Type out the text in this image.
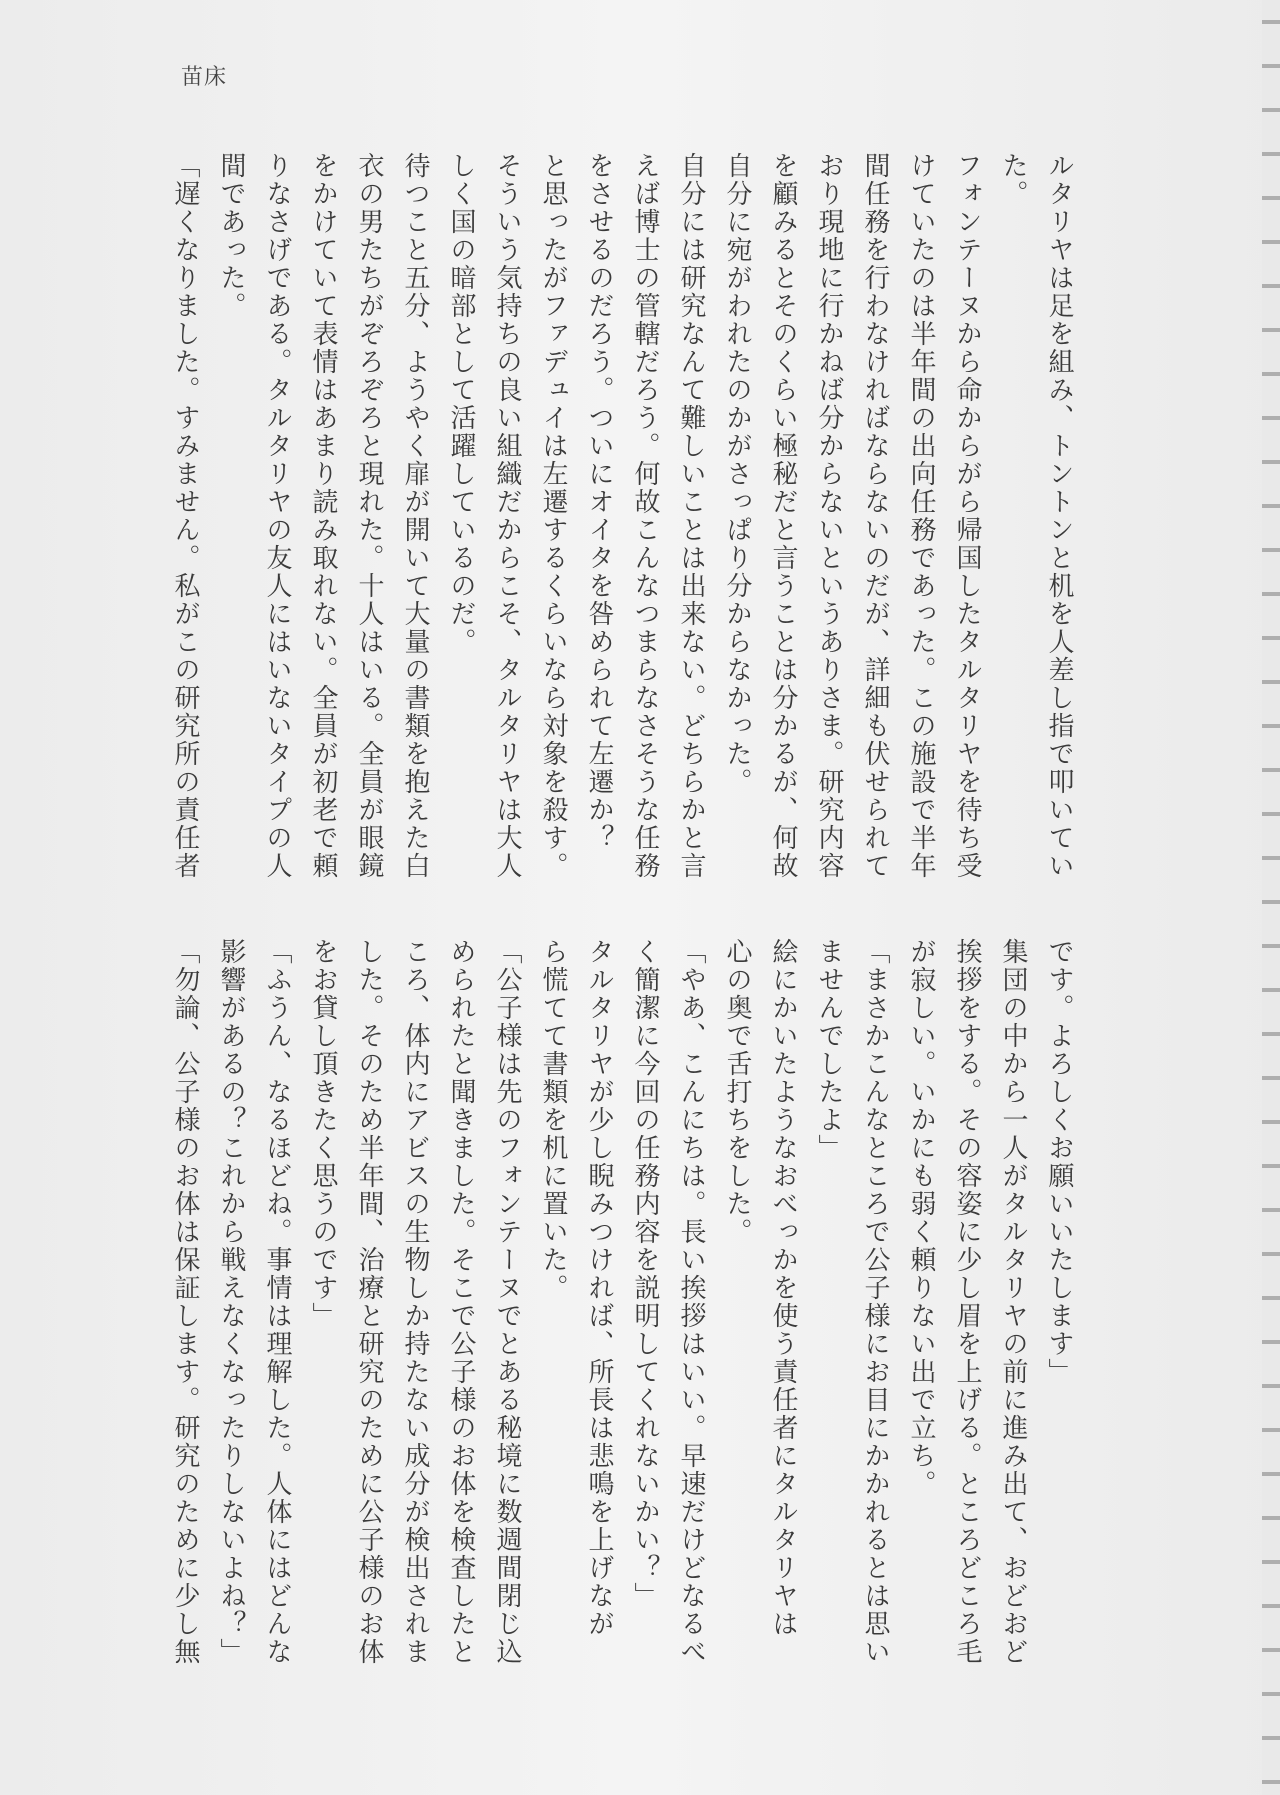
苗床

ルタリヤは足を組み、トントンと机を人差し指で叩いてい

た。

フォンテーヌから命からがら帰国したタルタリヤを待ち受

けていたのは半年間の出向任務であった。この施設で半年

間任務を行わなければならないのだが、詳細も伏せられて

おり現地に行かねば分からないというありさま。研究内容

を顧みるとそのくらい極秘だと言うことは分かるが、何故

自分に宛がわれたのかがさっぱり分からなかった。

自分には研究なんて難しいことは出来ない。どちらかと言

えば博士の管轄だろう。何故こんなつまらなさそうな任務

をさせるのだろう。ついにオイタを咎められて左遷か？

と思ったがファデュイは左遷するくらいなら対象を殺す。

そういう気持ちの良い組織だからこそ、タルタリヤは大人

しく国の暗部として活躍しているのだ。

待つこと五分、ようやく扉が開いて大量の書類を抱えた白

衣の男たちがぞろぞろと現れた。十人はいる。全員が眼鏡

をかけていて表情はあまり読み取れない。全員が初老で頼

りなさげである。タルタリヤの友人にはいないタイプの人

間であった。

「遅くなりました。すみません。私がこの研究所の責任者

です。よろしくお願いいたします」

集団の中から一人がタルタリヤの前に進み出て、おどおど

挨拶をする。その容姿に少し眉を上げる。ところどころ毛

が寂しい。いかにも弱く頼りない出で立ち。

「まさかこんなところで公子様にお目にかかれるとは思い

ませんでしたよ」

絵にかいたようなおべっかを使う責任者にタルタリヤは

心の奥で舌打ちをした。

「やあ、こんにちは。長い挨拶はいい。早速だけどなるべ

く簡潔に今回の任務内容を説明してくれないかい？」

タルタリヤが少し睨みつければ、所長は悲鳴を上げなが

ら慌てて書類を机に置いた。

「公子様は先のフォンテーヌでとある秘境に数週間閉じ込

められたと聞きました。そこで公子様のお体を検査したと

ころ、体内にアビスの生物しか持たない成分が検出されま

した。そのため半年間、治療と研究のために公子様のお体

をお貸し頂きたく思うのです」

「ふうん、なるほどね。事情は理解した。人体にはどんな

影響があるの？これから戦えなくなったりしないよね？」

「勿論、公子様のお体は保証します。研究のために少し無
